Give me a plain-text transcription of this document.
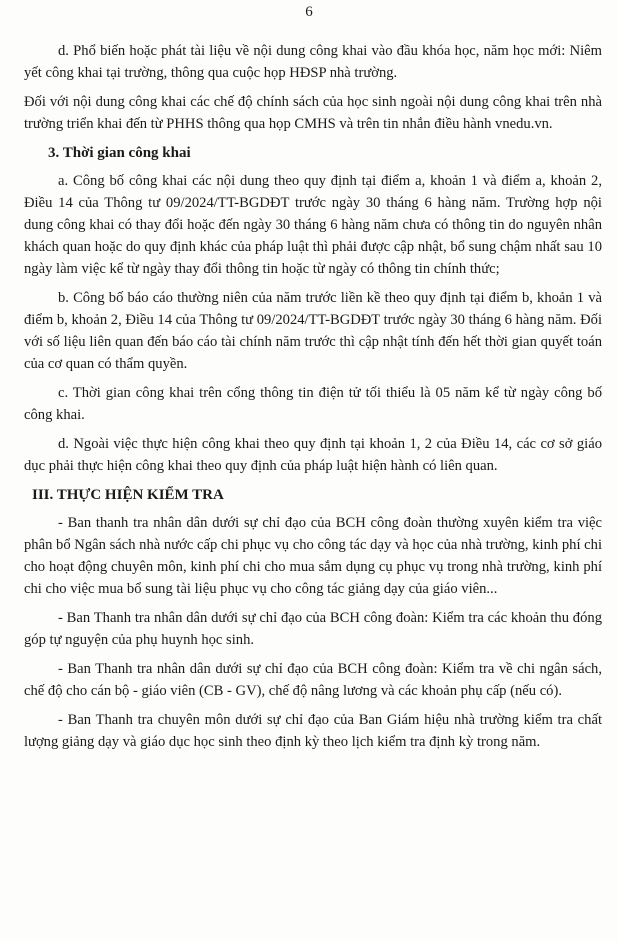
6

d. Phổ biến hoặc phát tài liệu về nội dung công khai vào đầu khóa học, năm học mới: Niêm yết công khai tại trường, thông qua cuộc họp HĐSP nhà trường.

Đối với nội dung công khai các chế độ chính sách của học sinh ngoài nội dung công khai trên nhà trường triển khai đến từ PHHS thông qua họp CMHS và trên tin nhắn điều hành vnedu.vn.

3. Thời gian công khai

a. Công bố công khai các nội dung theo quy định tại điểm a, khoản 1 và điểm a, khoản 2, Điều 14 của Thông tư 09/2024/TT-BGDĐT trước ngày 30 tháng 6 hàng năm. Trường hợp nội dung công khai có thay đổi hoặc đến ngày 30 tháng 6 hàng năm chưa có thông tin do nguyên nhân khách quan hoặc do quy định khác của pháp luật thì phải được cập nhật, bổ sung chậm nhất sau 10 ngày làm việc kể từ ngày thay đổi thông tin hoặc từ ngày có thông tin chính thức;

b. Công bố báo cáo thường niên của năm trước liền kề theo quy định tại điểm b, khoản 1 và điểm b, khoản 2, Điều 14 của Thông tư 09/2024/TT-BGDĐT trước ngày 30 tháng 6 hàng năm. Đối với số liệu liên quan đến báo cáo tài chính năm trước thì cập nhật tính đến hết thời gian quyết toán của cơ quan có thẩm quyền.

c. Thời gian công khai trên cổng thông tin điện tử tối thiểu là 05 năm kể từ ngày công bố công khai.

d. Ngoài việc thực hiện công khai theo quy định tại khoản 1, 2 của Điều 14, các cơ sở giáo dục phải thực hiện công khai theo quy định của pháp luật hiện hành có liên quan.

III. THỰC HIỆN KIỂM TRA

- Ban thanh tra nhân dân dưới sự chỉ đạo của BCH công đoàn thường xuyên kiểm tra việc phân bổ Ngân sách nhà nước cấp chi phục vụ cho công tác dạy và học của nhà trường, kinh phí chi cho hoạt động chuyên môn, kinh phí chi cho mua sắm dụng cụ phục vụ trong nhà trường, kinh phí chi cho việc mua bổ sung tài liệu phục vụ cho công tác giảng dạy của giáo viên...

- Ban Thanh tra nhân dân dưới sự chỉ đạo của BCH công đoàn: Kiểm tra các khoản thu đóng góp tự nguyện của phụ huynh học sinh.

- Ban Thanh tra nhân dân dưới sự chỉ đạo của BCH công đoàn: Kiểm tra về chi ngân sách, chế độ cho cán bộ - giáo viên (CB - GV), chế độ nâng lương và các khoản phụ cấp (nếu có).

- Ban Thanh tra chuyên môn dưới sự chỉ đạo của Ban Giám hiệu nhà trường kiểm tra chất lượng giảng dạy và giáo dục học sinh theo định kỳ theo lịch kiểm tra định kỳ trong năm.
